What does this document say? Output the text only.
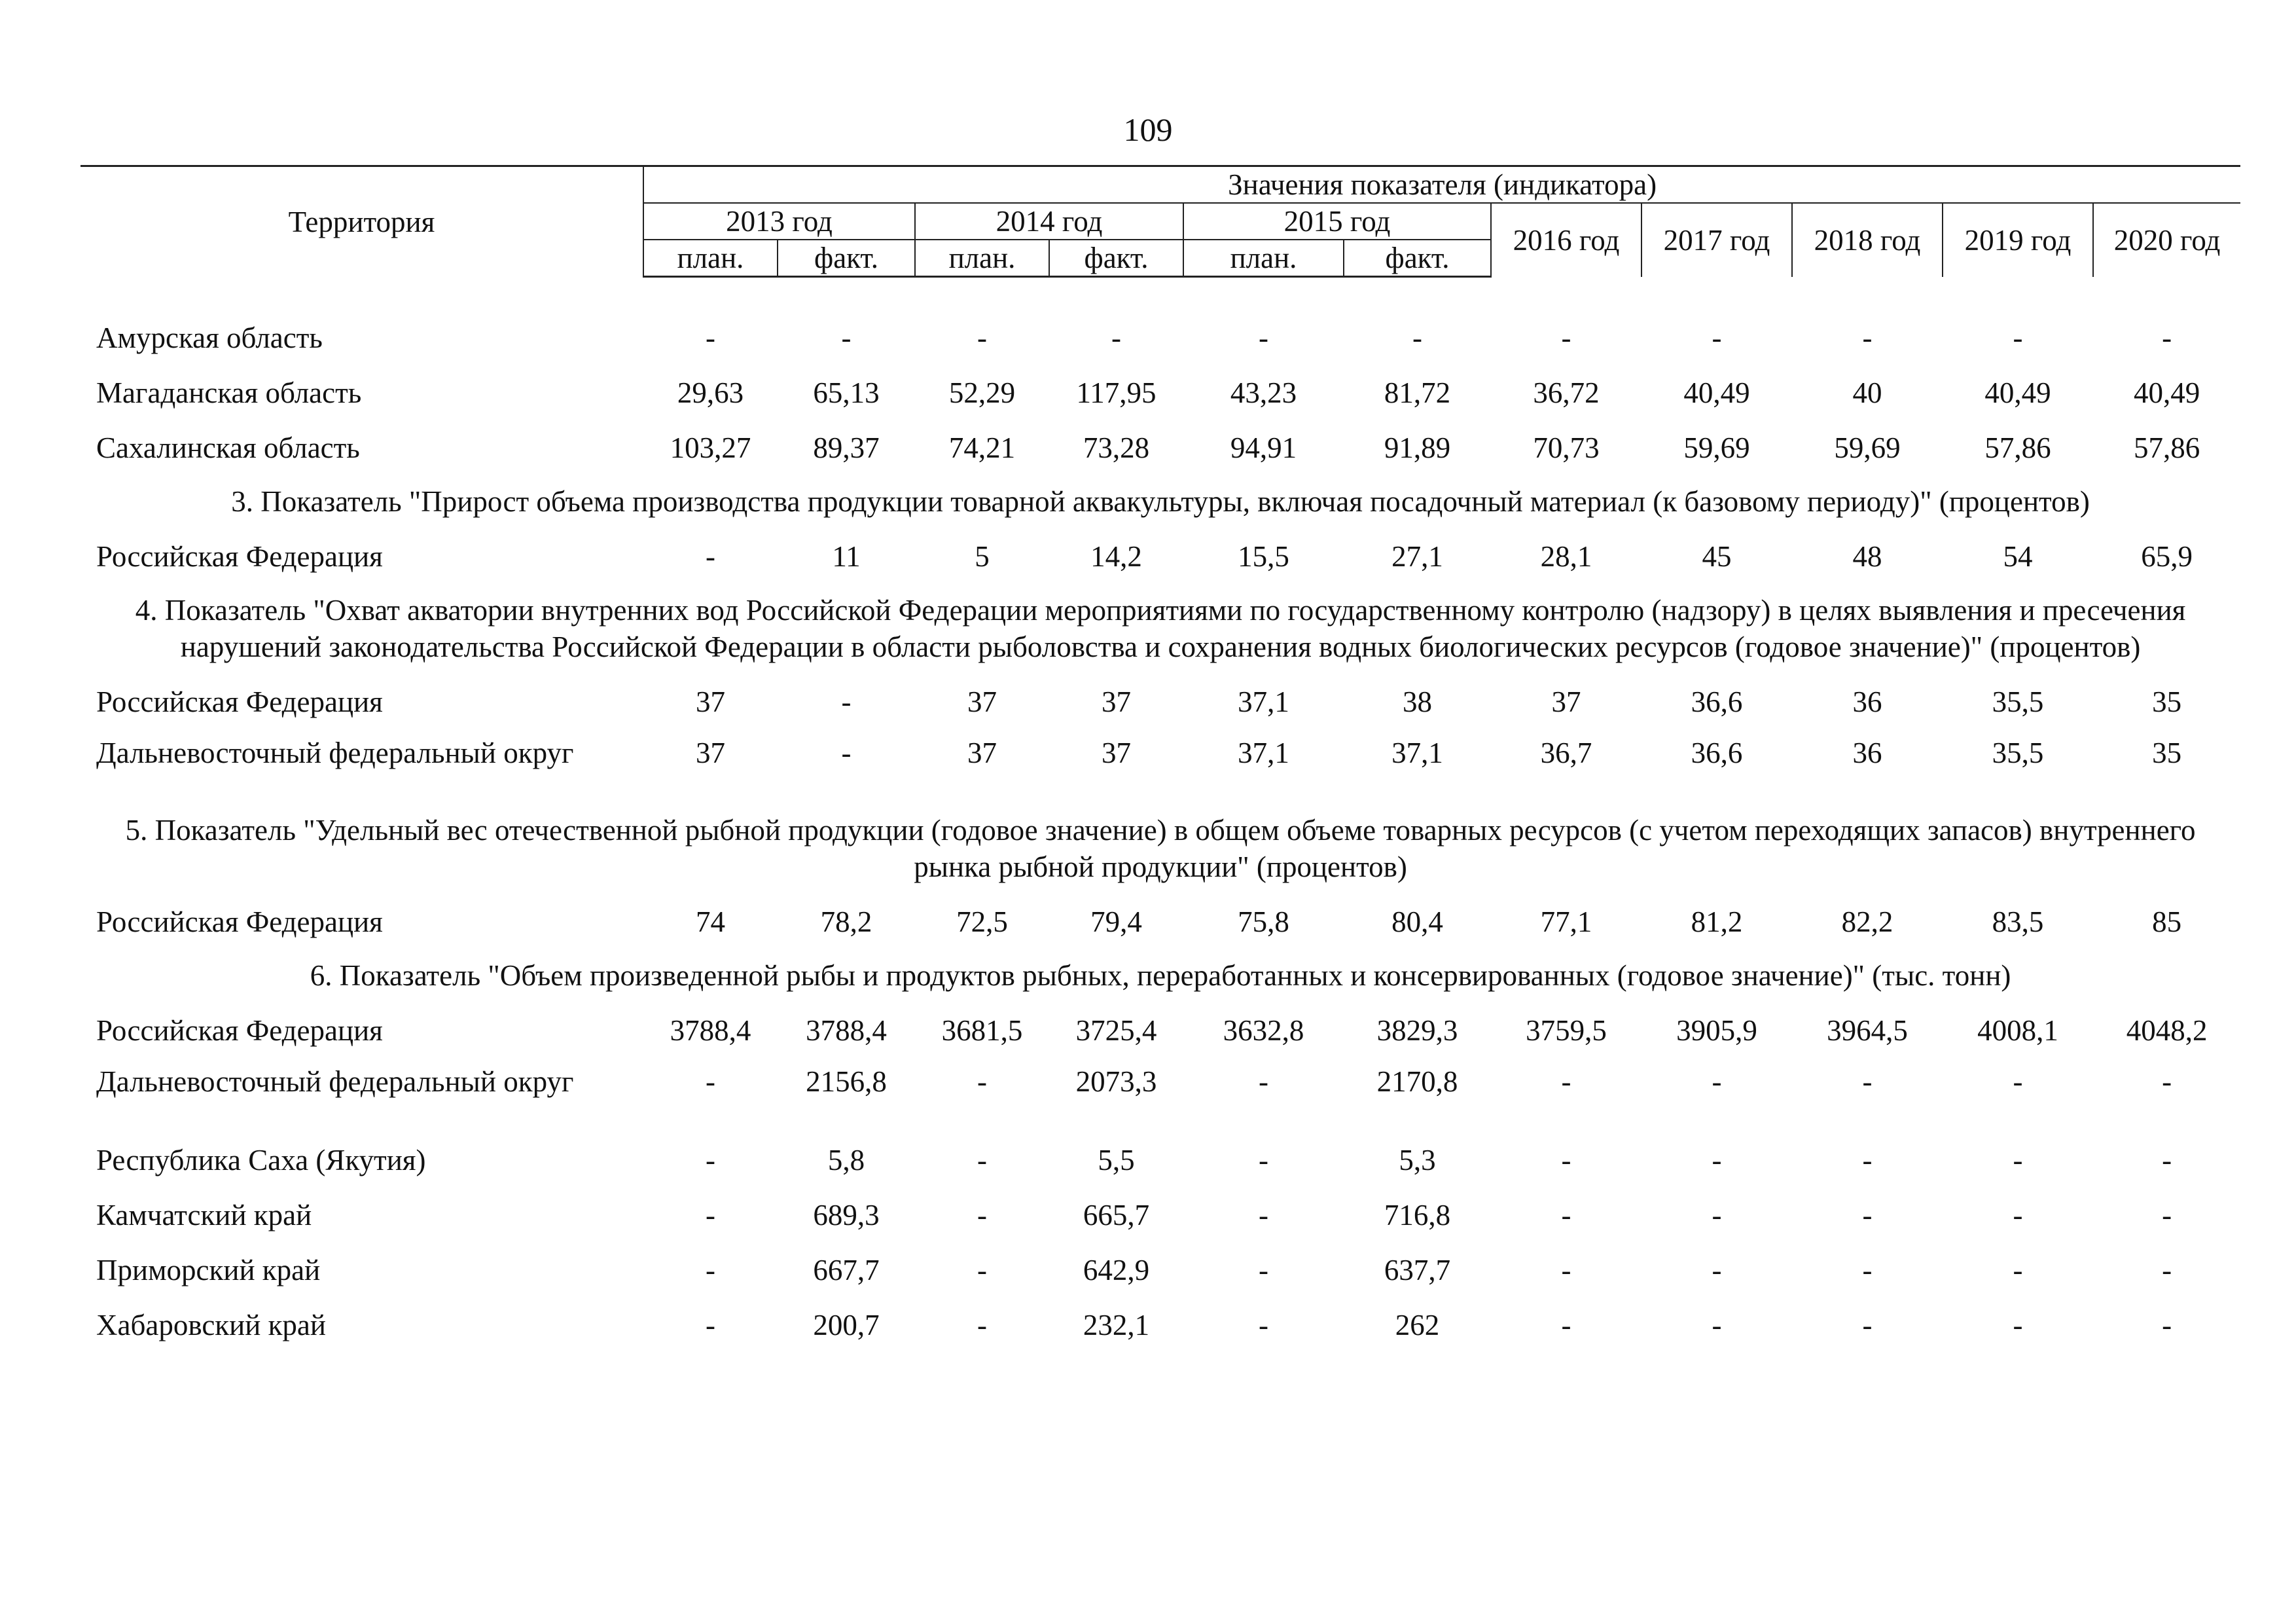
109
Территория	Значения показателя (индикатора)										
	2013 год		2014 год		2015 год		2016 год	2017 год	2018 год	2019 год	2020 год
	план.	факт.	план.	факт.	план.	факт.					

Амурская область	-	-	-	-	-	-	-	-	-	-	-
Магаданская область	29,63	65,13	52,29	117,95	43,23	81,72	36,72	40,49	40	40,49	40,49
Сахалинская область	103,27	89,37	74,21	73,28	94,91	91,89	70,73	59,69	59,69	57,86	57,86
3. Показатель "Прирост объема производства продукции товарной аквакультуры, включая посадочный материал (к базовому периоду)" (процентов)											
Российская Федерация	-	11	5	14,2	15,5	27,1	28,1	45	48	54	65,9
4. Показатель "Охват акватории внутренних вод Российской Федерации мероприятиями по государственному контролю (надзору) в целях выявления и пресечения нарушений законодательства Российской Федерации в области рыболовства и сохранения водных биологических ресурсов (годовое значение)" (процентов)											
Российская Федерация	37	-	37	37	37,1	38	37	36,6	36	35,5	35
Дальневосточный федеральный округ	37	-	37	37	37,1	37,1	36,7	36,6	36	35,5	35
5. Показатель "Удельный вес отечественной рыбной продукции (годовое значение) в общем объеме товарных ресурсов (с учетом переходящих запасов) внутреннего рынка рыбной продукции" (процентов)											
Российская Федерация	74	78,2	72,5	79,4	75,8	80,4	77,1	81,2	82,2	83,5	85
6. Показатель "Объем произведенной рыбы и продуктов рыбных, переработанных и консервированных (годовое значение)" (тыс. тонн)											
Российская Федерация	3788,4	3788,4	3681,5	3725,4	3632,8	3829,3	3759,5	3905,9	3964,5	4008,1	4048,2
Дальневосточный федеральный округ	-	2156,8	-	2073,3	-	2170,8	-	-	-	-	-
Республика Саха (Якутия)	-	5,8	-	5,5	-	5,3	-	-	-	-	-
Камчатский край	-	689,3	-	665,7	-	716,8	-	-	-	-	-
Приморский край	-	667,7	-	642,9	-	637,7	-	-	-	-	-
Хабаровский край	-	200,7	-	232,1	-	262	-	-	-	-	-
